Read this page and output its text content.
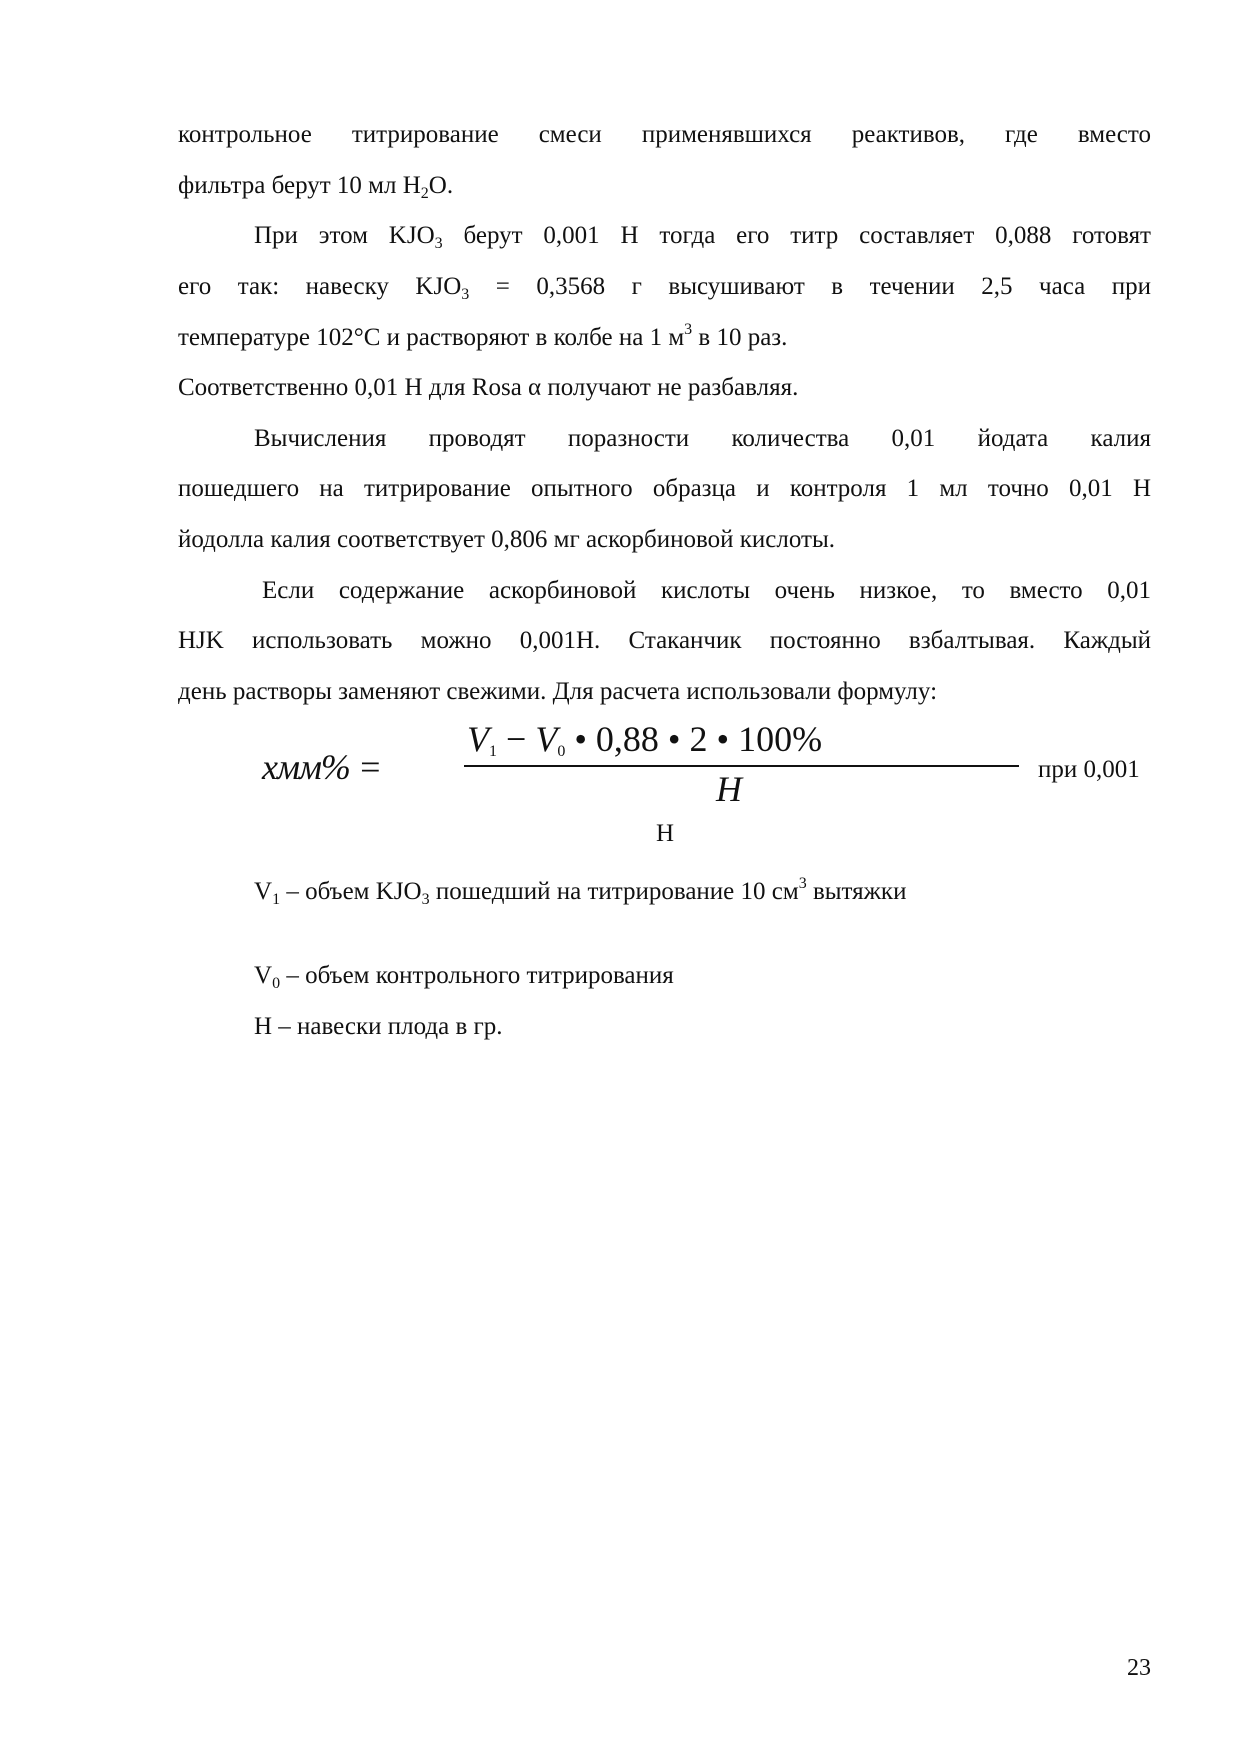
контрольное титрирование смеси применявшихся реактивов, где вместо
фильтра берут 10 мл $H_2O$.
При этом $KJO_3$ берут 0,001 Н тогда его титр составляет 0,088 готовят
его так: навеску $KJO_3 = 0,3568$ г высушивают в течении 2,5 часа при
температуре 102°С и растворяют в колбе на 1 $м^3$ в 10 раз.
Соответственно 0,01 Н для Rosa α получают не разбавляя.
Вычисления проводят поразности количества 0,01 йодата калия
пошедшего на титрирование опытного образца и контроля 1 мл точно 0,01 Н
йодолла калия соответствует 0,806 мг аскорбиновой кислоты.
Если содержание аскорбиновой кислоты очень низкое, то вместо 0,01
HJK использовать можно 0,001Н. Стаканчик постоянно взбалтывая. Каждый
день растворы заменяют свежими. Для расчета использовали формулу:
хмм% =
$V_1 - V_0$ • 0,88 • 2 • 100%
H	при 0,001
Н
$V_1$ – объем $KJO_3$ пошедший на титрирование 10 $см^3$ вытяжки
$V_0$ – объем контрольного титрирования
Н – навески плода в гр.
23
